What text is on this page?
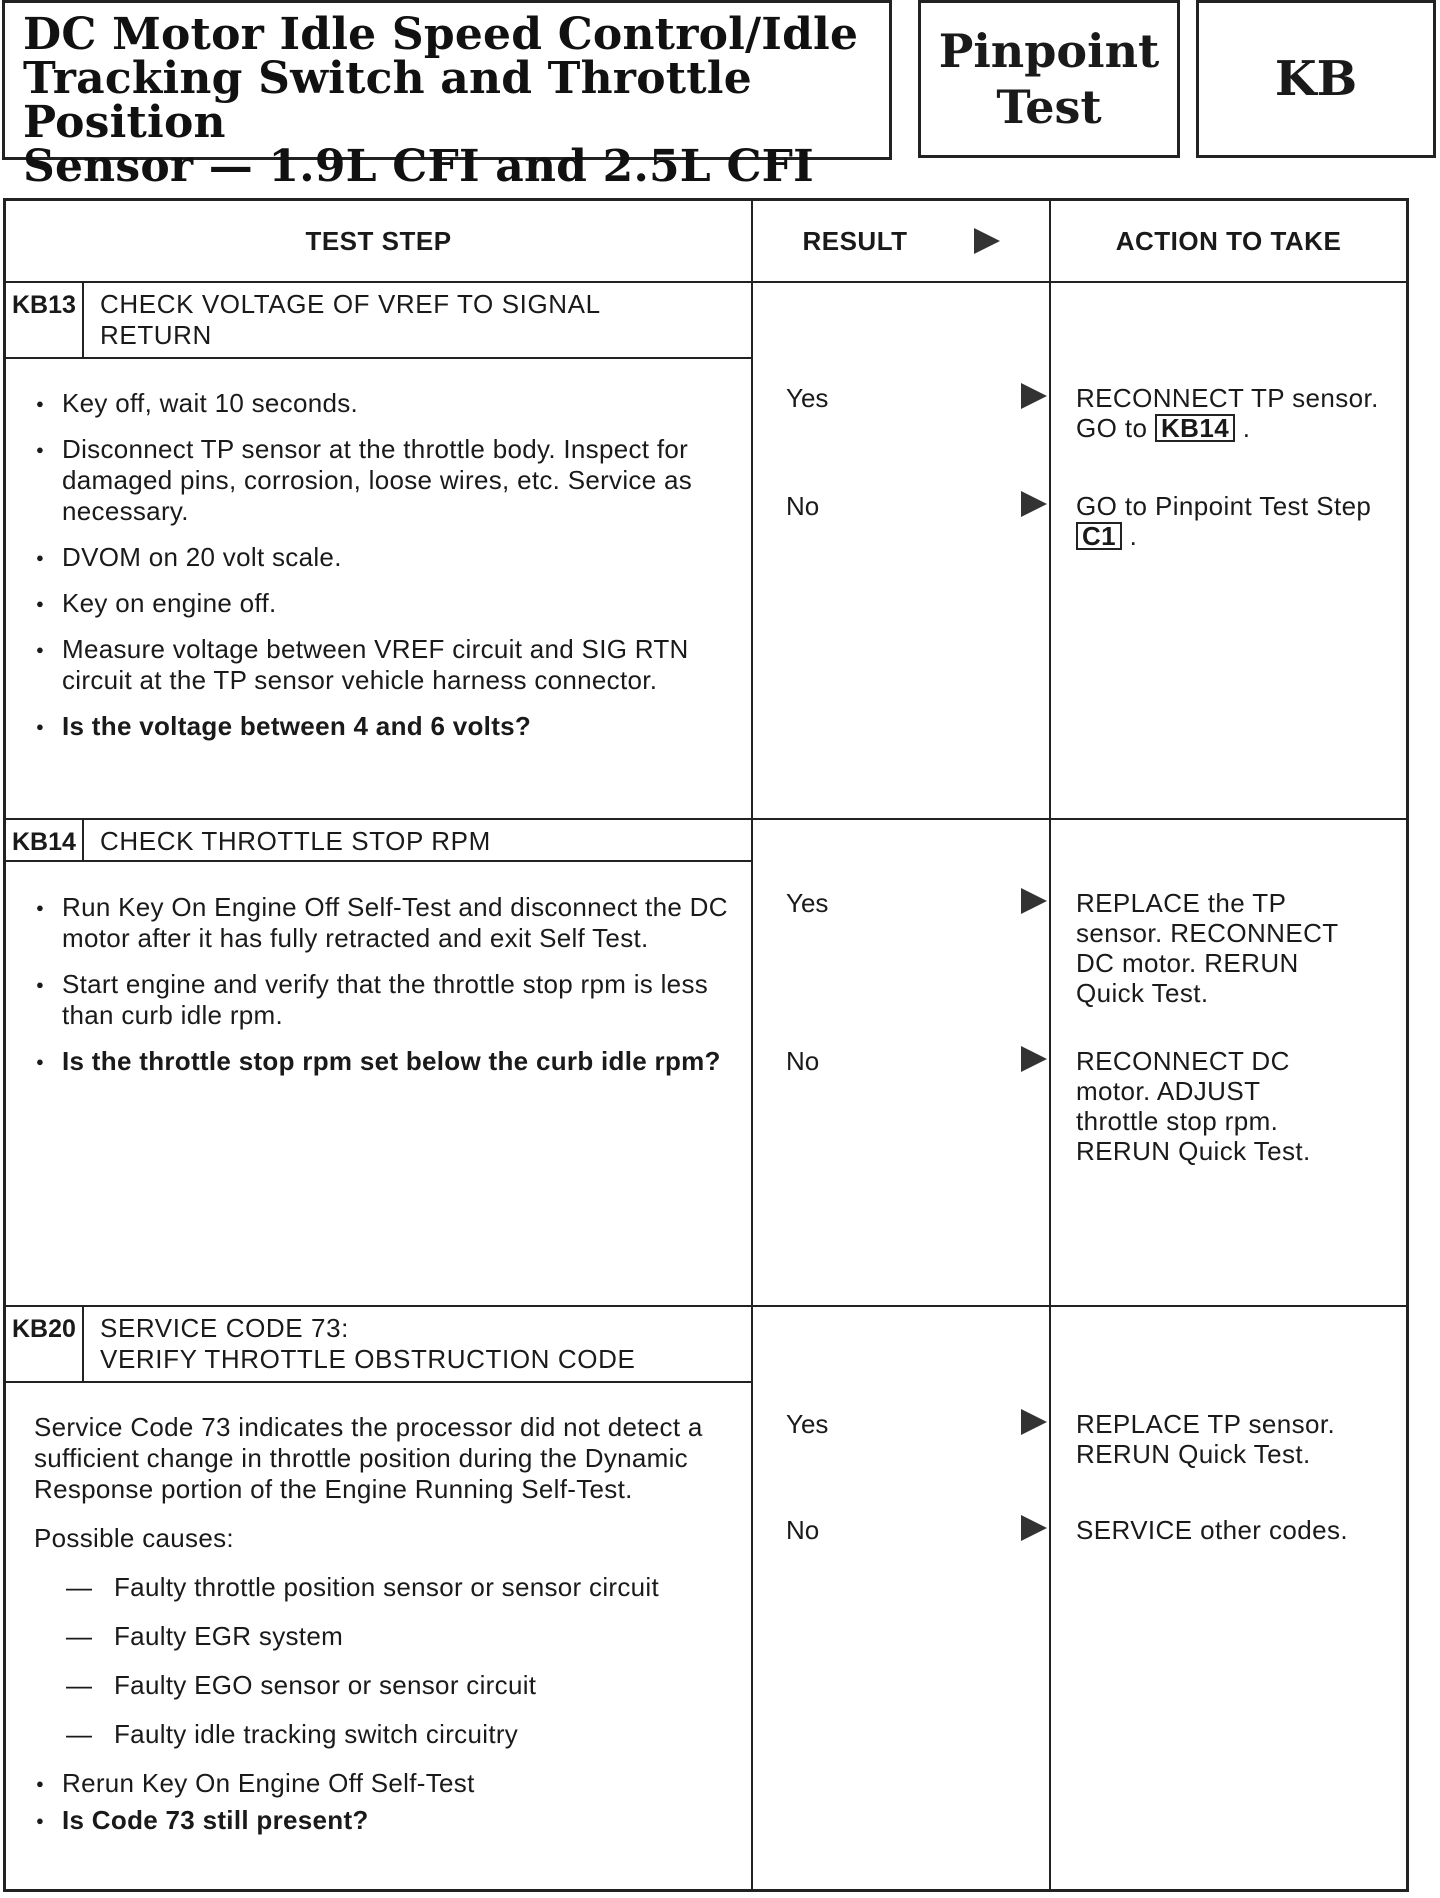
DC Motor Idle Speed Control/Idle
Tracking Switch and Throttle Position
Sensor — 1.9L CFI and 2.5L CFI
Pinpoint
Test	KB
TEST STEP	RESULT	ACTION TO TAKE
KB13 CHECK VOLTAGE OF VREF TO SIGNAL RETURN
● Key off, wait 10 seconds.
● Disconnect TP sensor at the throttle body. Inspect for damaged pins, corrosion, loose wires, etc. Service as necessary.
● DVOM on 20 volt scale.
● Key on engine off.
● Measure voltage between VREF circuit and SIG RTN circuit at the TP sensor vehicle harness connector.
● Is the voltage between 4 and 6 volts?
Yes	RECONNECT TP sensor. GO to KB14 .
No	GO to Pinpoint Test Step C1 .
KB14 CHECK THROTTLE STOP RPM
● Run Key On Engine Off Self-Test and disconnect the DC motor after it has fully retracted and exit Self Test.
● Start engine and verify that the throttle stop rpm is less than curb idle rpm.
● Is the throttle stop rpm set below the curb idle rpm?
Yes	REPLACE the TP sensor. RECONNECT DC motor. RERUN Quick Test.
No	RECONNECT DC motor. ADJUST throttle stop rpm. RERUN Quick Test.
KB20 SERVICE CODE 73:
VERIFY THROTTLE OBSTRUCTION CODE
Service Code 73 indicates the processor did not detect a sufficient change in throttle position during the Dynamic Response portion of the Engine Running Self-Test.
Possible causes:
— Faulty throttle position sensor or sensor circuit
— Faulty EGR system
— Faulty EGO sensor or sensor circuit
— Faulty idle tracking switch circuitry
● Rerun Key On Engine Off Self-Test
● Is Code 73 still present?
Yes	REPLACE TP sensor. RERUN Quick Test.
No	SERVICE other codes.
